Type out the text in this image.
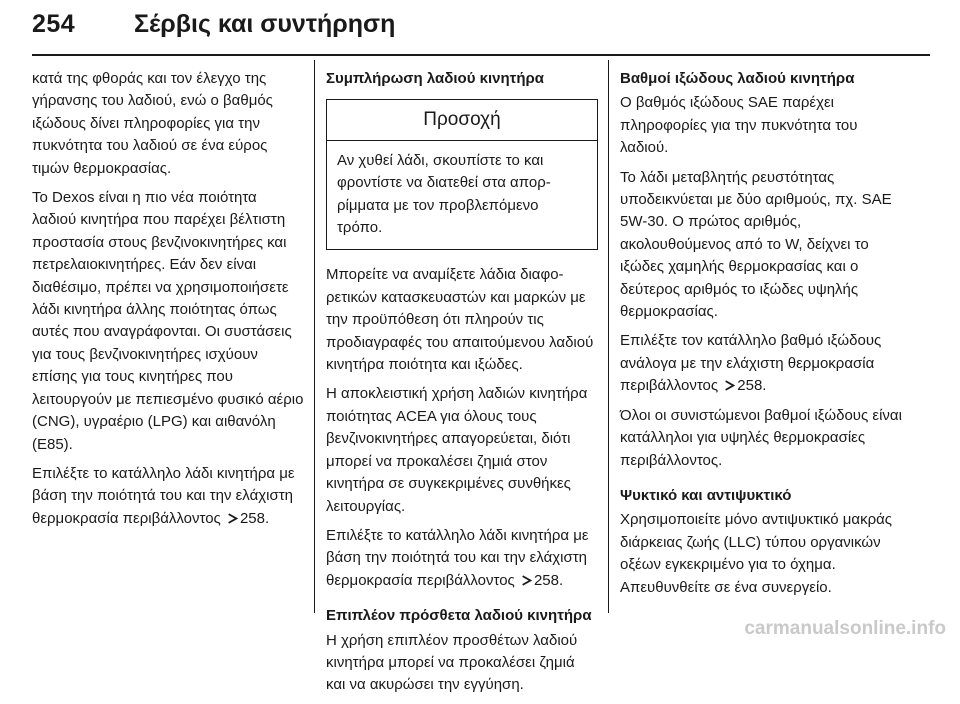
254 Σέρβις και συντήρηση

κατά της φθοράς και τον έλεγχο της γήρανσης του λαδιού, ενώ ο βαθμός ιξώδους δίνει πληροφορίες για την πυκνότητα του λαδιού σε ένα εύρος τιμών θερμοκρασίας.

Το Dexos είναι η πιο νέα ποιότητα λαδιού κινητήρα που παρέχει βέλτιστη προστασία στους βενζινοκινητήρες και πετρελαιοκινητήρες. Εάν δεν είναι διαθέσιμο, πρέπει να χρησιμοποιήσετε λάδι κινητήρα άλλης ποιότητας όπως αυτές που αναγράφονται. Οι συστάσεις για τους βενζινοκινητήρες ισχύουν επίσης για τους κινητήρες που λειτουργούν με πεπιεσμένο φυσικό αέριο (CNG), υγραέριο (LPG) και αιθανόλη (E85).

Επιλέξτε το κατάλληλο λάδι κινητήρα με βάση την ποιότητά του και την ελάχιστη θερμοκρασία περιβάλλοντος 258.

Συμπλήρωση λαδιού κινητήρα
Προσοχή
Αν χυθεί λάδι, σκουπίστε το και φροντίστε να διατεθεί στα απορρίμματα με τον προβλεπόμενο τρόπο.

Μπορείτε να αναμίξετε λάδια διαφορετικών κατασκευαστών και μαρκών με την προϋπόθεση ότι πληρούν τις προδιαγραφές του απαιτούμενου λαδιού κινητήρα ποιότητα και ιξώδες.

Η αποκλειστική χρήση λαδιών κινητήρα ποιότητας ACEA για όλους τους βενζινοκινητήρες απαγορεύεται, διότι μπορεί να προκαλέσει ζημιά στον κινητήρα σε συγκεκριμένες συνθήκες λειτουργίας.

Επιλέξτε το κατάλληλο λάδι κινητήρα με βάση την ποιότητά του και την ελάχιστη θερμοκρασία περιβάλλοντος 258.

Επιπλέον πρόσθετα λαδιού κινητήρα

Η χρήση επιπλέον προσθέτων λαδιού κινητήρα μπορεί να προκαλέσει ζημιά και να ακυρώσει την εγγύηση.

Βαθμοί ιξώδους λαδιού κινητήρα

Ο βαθμός ιξώδους SAE παρέχει πληροφορίες για την πυκνότητα του λαδιού.

Το λάδι μεταβλητής ρευστότητας υποδεικνύεται με δύο αριθμούς, πχ. SAE 5W-30. Ο πρώτος αριθμός, ακολουθούμενος από το W, δείχνει το ιξώδες χαμηλής θερμοκρασίας και ο δεύτερος αριθμός το ιξώδες υψηλής θερμοκρασίας.

Επιλέξτε τον κατάλληλο βαθμό ιξώδους ανάλογα με την ελάχιστη θερμοκρασία περιβάλλοντος 258.

Όλοι οι συνιστώμενοι βαθμοί ιξώδους είναι κατάλληλοι για υψηλές θερμοκρασίες περιβάλλοντος.

Ψυκτικό και αντιψυκτικό

Χρησιμοποιείτε μόνο αντιψυκτικό μακράς διάρκειας ζωής (LLC) τύπου οργανικών οξέων εγκεκριμένο για το όχημα. Απευθυνθείτε σε ένα συνεργείο.

carmanualsonline.info
